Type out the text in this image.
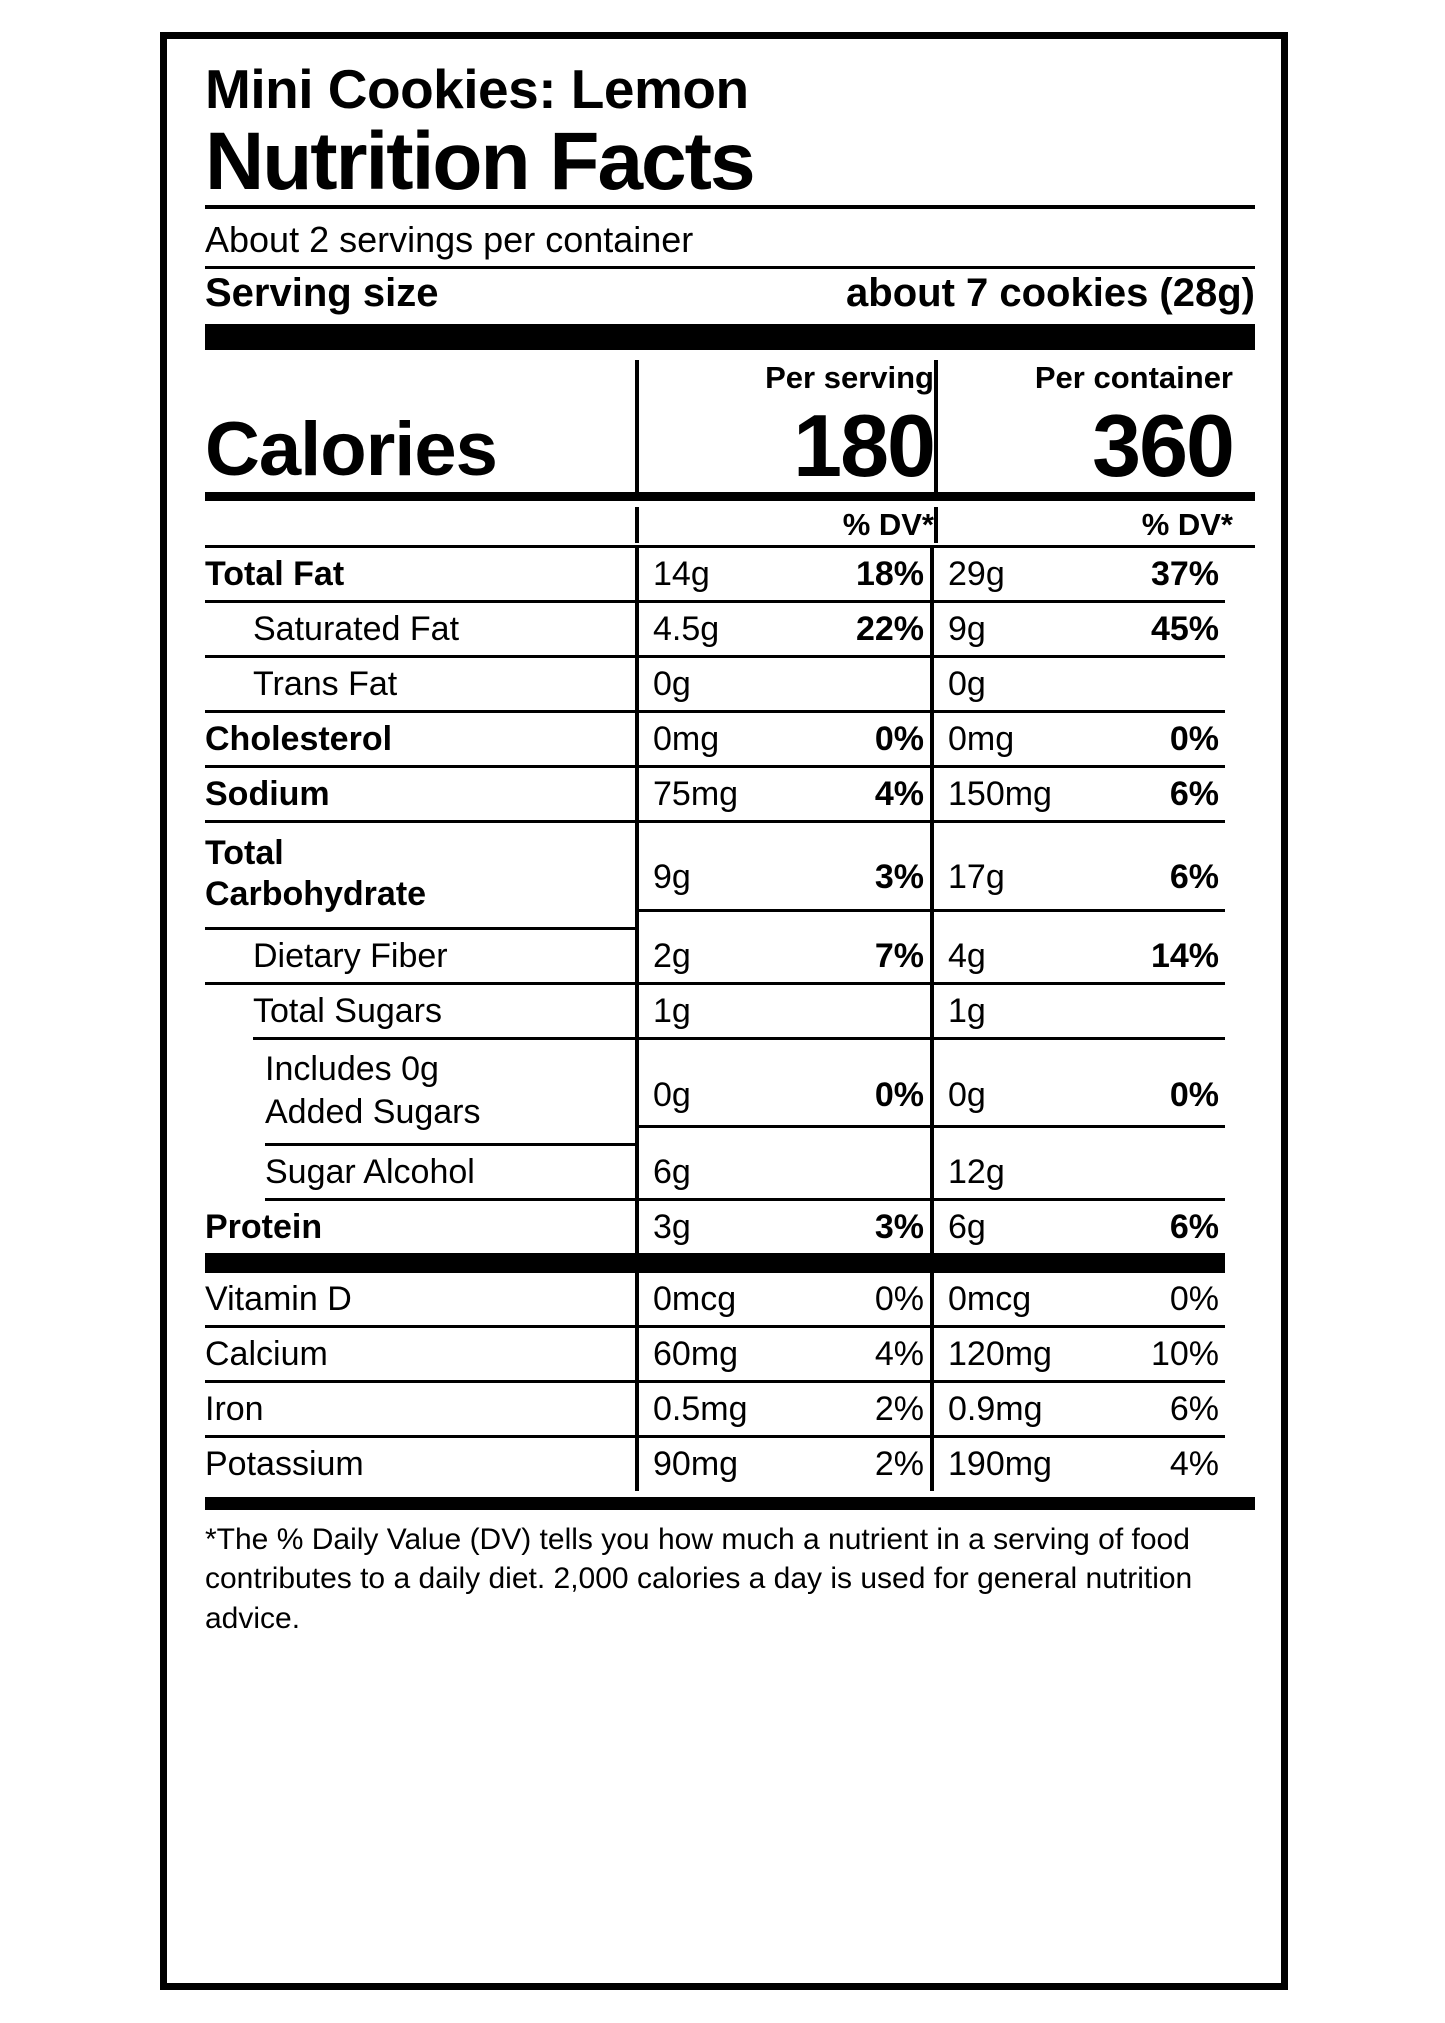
Mini Cookies: Lemon
Nutrition Facts
About 2 servings per container
Serving size	about 7 cookies (28g)
Per serving	Per container
Calories	180	360
% DV*	% DV*
Total Fat	14g	18% 29g	37%
Saturated Fat	4.5g	22% 9g	45%
Trans Fat	0g	0g
Cholesterol	0mg	0% 0mg	0%
Sodium	75mg	4% 150mg	6%
Total
Carbohydrate	9g	3% 17g	6%
Dietary Fiber	2g	7% 4g	14%
Total Sugars	1g	1g
Includes 0g
Added Sugars	0g	0% 0g	0%
Sugar Alcohol	6g	12g
Protein	3g	3% 6g	6%
Vitamin D	0mcg	0% 0mcg	0%
Calcium	60mg	4% 120mg	10%
Iron	0.5mg	2% 0.9mg	6%
Potassium	90mg	2% 190mg	4%
*The % Daily Value (DV) tells you how much a nutrient in a serving of food contributes to a daily diet. 2,000 calories a day is used for general nutrition advice.
